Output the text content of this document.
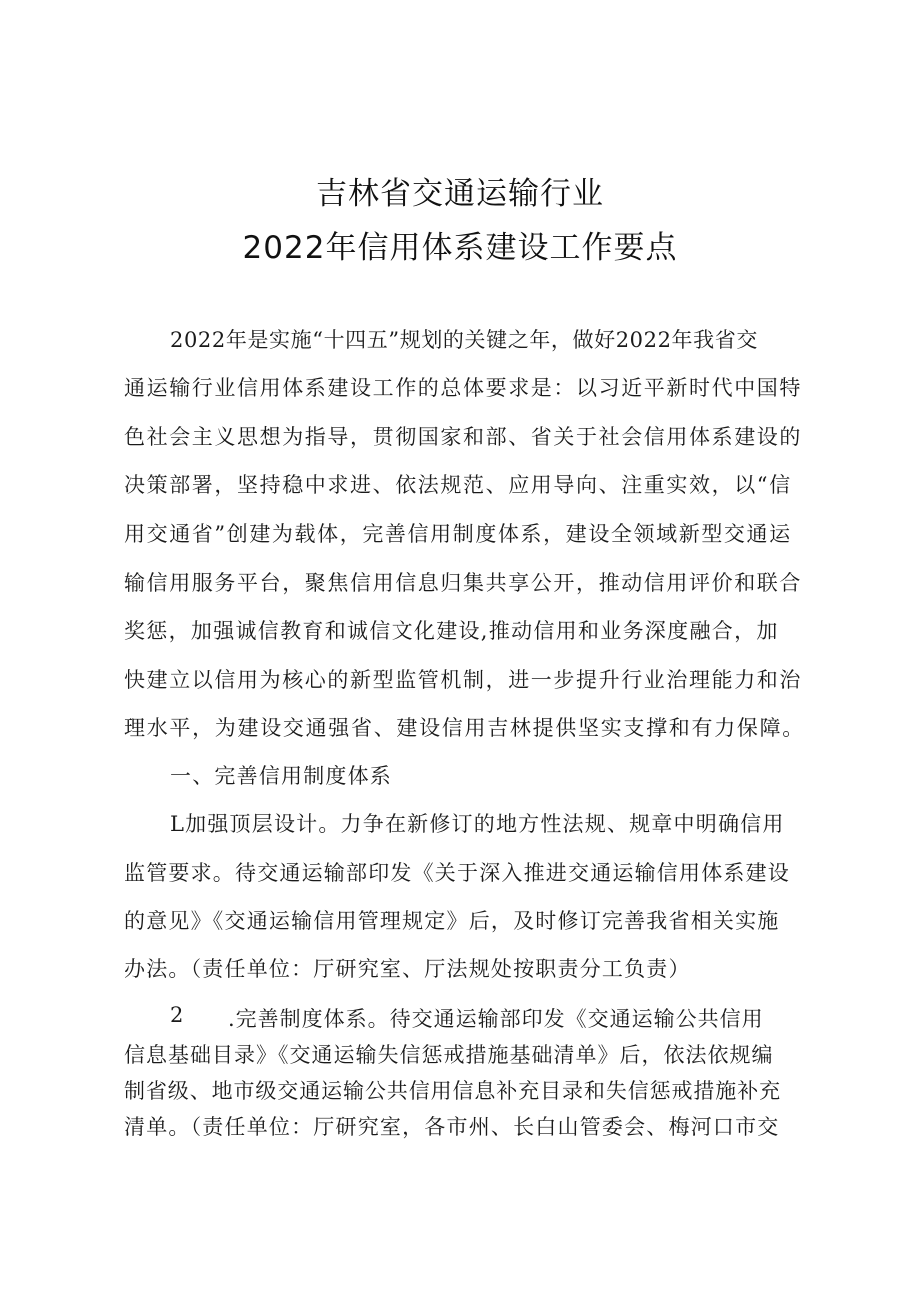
吉林省交通运输行业
2022年信用体系建设工作要点
2022年是实施“十四五”规划的关键之年，做好2022年我省交
通运输行业信用体系建设工作的总体要求是：以习近平新时代中国特
色社会主义思想为指导，贯彻国家和部、省关于社会信用体系建设的
决策部署，坚持稳中求进、依法规范、应用导向、注重实效，以“信
用交通省”创建为载体，完善信用制度体系，建设全领域新型交通运
输信用服务平台，聚焦信用信息归集共享公开，推动信用评价和联合
奖惩，加强诚信教育和诚信文化建设,推动信用和业务深度融合，加
快建立以信用为核心的新型监管机制，进一步提升行业治理能力和治
理水平，为建设交通强省、建设信用吉林提供坚实支撑和有力保障。
一、完善信用制度体系
L加强顶层设计。力争在新修订的地方性法规、规章中明确信用
监管要求。待交通运输部印发《关于深入推进交通运输信用体系建设
的意见》《交通运输信用管理规定》后，及时修订完善我省相关实施
办法。（责任单位：厅研究室、厅法规处按职责分工负责）
2 .完善制度体系。待交通运输部印发《交通运输公共信用
信息基础目录》《交通运输失信惩戒措施基础清单》后，依法依规编
制省级、地市级交通运输公共信用信息补充目录和失信惩戒措施补充
清单。（责任单位：厅研究室，各市州、长白山管委会、梅河口市交
